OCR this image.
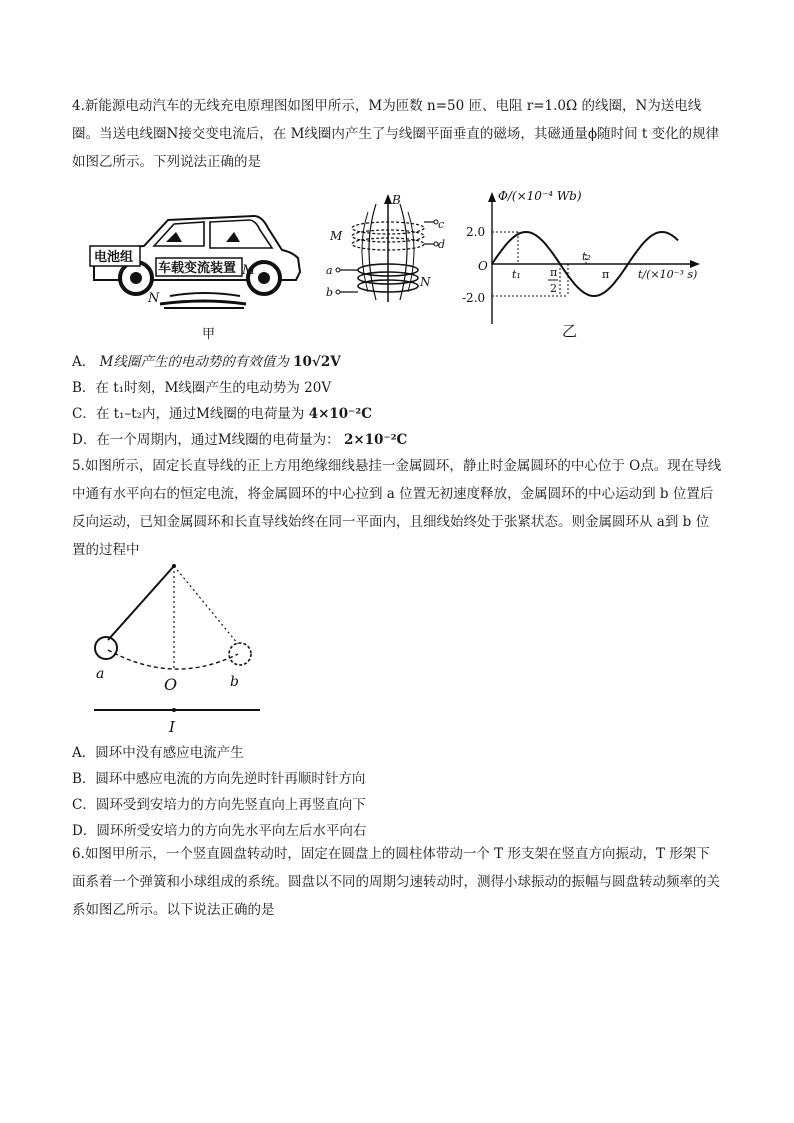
4.新能源电动汽车的无线充电原理图如图甲所示，M为匝数 n=50 匝、电阻 r=1.0Ω 的线圈，N为送电线圈。当送电线圈N接交变电流后，在 M线圈内产生了与线圈平面垂直的磁场，其磁通量ϕ随时间 t 变化的规律如图乙所示。下列说法正确的是

电池组
车载变流装置 M
N
甲
B
M
c
d
a
b
N
Φ/(×10⁻⁴ Wb)
t/(×10⁻³ s)
O
2.0
-2.0
t₁
t₂
π
2
π
乙
A． M线圈产生的电动势的有效值为 10√2V
B．在 t₁时刻，M线圈产生的电动势为 20V
C．在 t₁–t₂内，通过M线圈的电荷量为 4×10⁻²C
D．在一个周期内，通过M线圈的电荷量为： 2×10⁻²C

5.如图所示，固定长直导线的正上方用绝缘细线悬挂一金属圆环，静止时金属圆环的中心位于 O点。现在导线中通有水平向右的恒定电流，将金属圆环的中心拉到 a 位置无初速度释放，金属圆环的中心运动到 b 位置后反向运动，已知金属圆环和长直导线始终在同一平面内，且细线始终处于张紧状态。则金属圆环从 a到 b 位置的过程中

a
O	b
I
A．圆环中没有感应电流产生
B．圆环中感应电流的方向先逆时针再顺时针方向
C．圆环受到安培力的方向先竖直向上再竖直向下
D．圆环所受安培力的方向先水平向左后水平向右

6.如图甲所示，一个竖直圆盘转动时，固定在圆盘上的圆柱体带动一个 T 形支架在竖直方向振动，T 形架下面系着一个弹簧和小球组成的系统。圆盘以不同的周期匀速转动时，测得小球振动的振幅与圆盘转动频率的关系如图乙所示。以下说法正确的是
